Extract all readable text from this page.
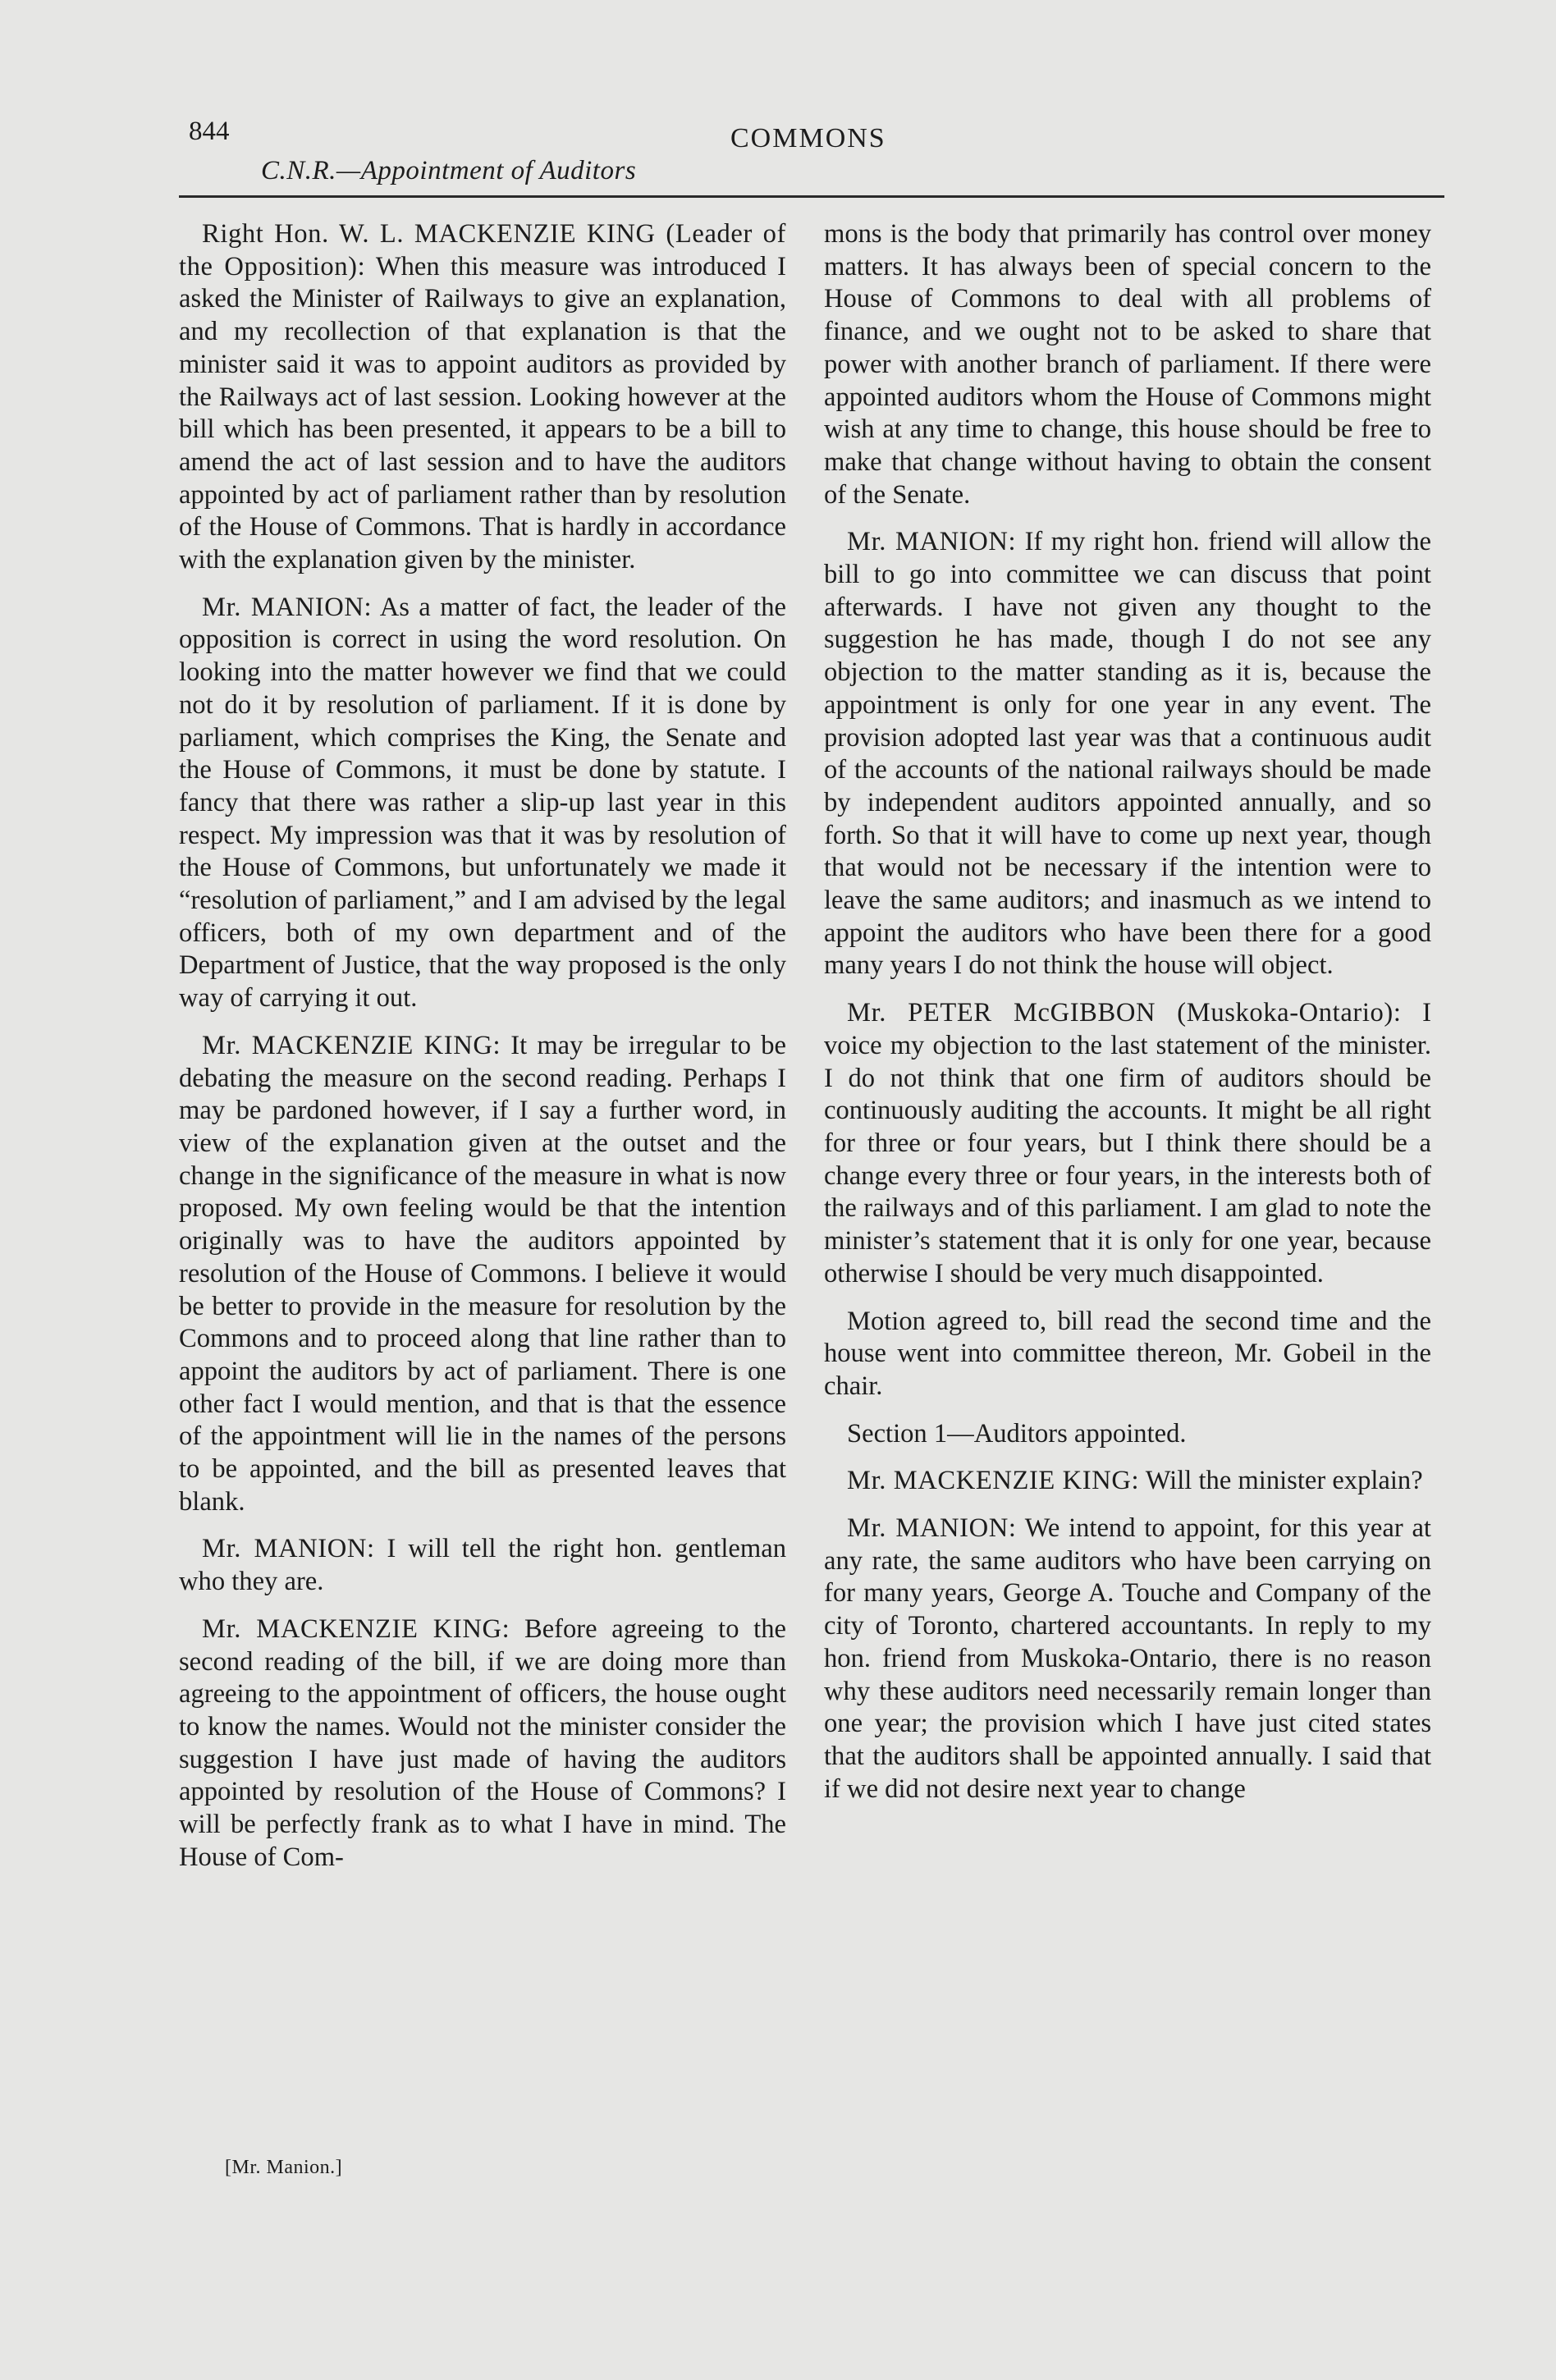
844	COMMONS
C.N.R.—Appointment of Auditors

Right Hon. W. L. MACKENZIE KING (Leader of the Opposition): When this measure was introduced I asked the Minister of Railways to give an explanation, and my recollection of that explanation is that the minister said it was to appoint auditors as provided by the Railways act of last session. Looking however at the bill which has been presented, it appears to be a bill to amend the act of last session and to have the auditors appointed by act of parliament rather than by resolution of the House of Commons. That is hardly in accordance with the explanation given by the minister.

Mr. MANION: As a matter of fact, the leader of the opposition is correct in using the word resolution. On looking into the matter however we find that we could not do it by resolution of parliament. If it is done by parliament, which comprises the King, the Senate and the House of Commons, it must be done by statute. I fancy that there was rather a slip-up last year in this respect. My impression was that it was by resolution of the House of Commons, but unfortunately we made it “resolution of parliament,” and I am advised by the legal officers, both of my own department and of the Department of Justice, that the way proposed is the only way of carrying it out.

Mr. MACKENZIE KING: It may be irregular to be debating the measure on the second reading. Perhaps I may be pardoned however, if I say a further word, in view of the explanation given at the outset and the change in the significance of the measure in what is now proposed. My own feeling would be that the intention originally was to have the auditors appointed by resolution of the House of Commons. I believe it would be better to provide in the measure for resolution by the Commons and to proceed along that line rather than to appoint the auditors by act of parliament. There is one other fact I would mention, and that is that the essence of the appointment will lie in the names of the persons to be appointed, and the bill as presented leaves that blank.

Mr. MANION: I will tell the right hon. gentleman who they are.

Mr. MACKENZIE KING: Before agreeing to the second reading of the bill, if we are doing more than agreeing to the appointment of officers, the house ought to know the names. Would not the minister consider the suggestion I have just made of having the auditors appointed by resolution of the House of Commons? I will be perfectly frank as to what I have in mind. The House of Com-

mons is the body that primarily has control over money matters. It has always been of special concern to the House of Commons to deal with all problems of finance, and we ought not to be asked to share that power with another branch of parliament. If there were appointed auditors whom the House of Commons might wish at any time to change, this house should be free to make that change without having to obtain the consent of the Senate.

Mr. MANION: If my right hon. friend will allow the bill to go into committee we can discuss that point afterwards. I have not given any thought to the suggestion he has made, though I do not see any objection to the matter standing as it is, because the appointment is only for one year in any event. The provision adopted last year was that a continuous audit of the accounts of the national railways should be made by independent auditors appointed annually, and so forth. So that it will have to come up next year, though that would not be necessary if the intention were to leave the same auditors; and inasmuch as we intend to appoint the auditors who have been there for a good many years I do not think the house will object.

Mr. PETER McGIBBON (Muskoka-Ontario): I voice my objection to the last statement of the minister. I do not think that one firm of auditors should be continuously auditing the accounts. It might be all right for three or four years, but I think there should be a change every three or four years, in the interests both of the railways and of this parliament. I am glad to note the minister’s statement that it is only for one year, because otherwise I should be very much disappointed.

Motion agreed to, bill read the second time and the house went into committee thereon, Mr. Gobeil in the chair.

Section 1—Auditors appointed.

Mr. MACKENZIE KING: Will the minister explain?

Mr. MANION: We intend to appoint, for this year at any rate, the same auditors who have been carrying on for many years, George A. Touche and Company of the city of Toronto, chartered accountants. In reply to my hon. friend from Muskoka-Ontario, there is no reason why these auditors need necessarily remain longer than one year; the provision which I have just cited states that the auditors shall be appointed annually. I said that if we did not desire next year to change

[Mr. Manion.]
